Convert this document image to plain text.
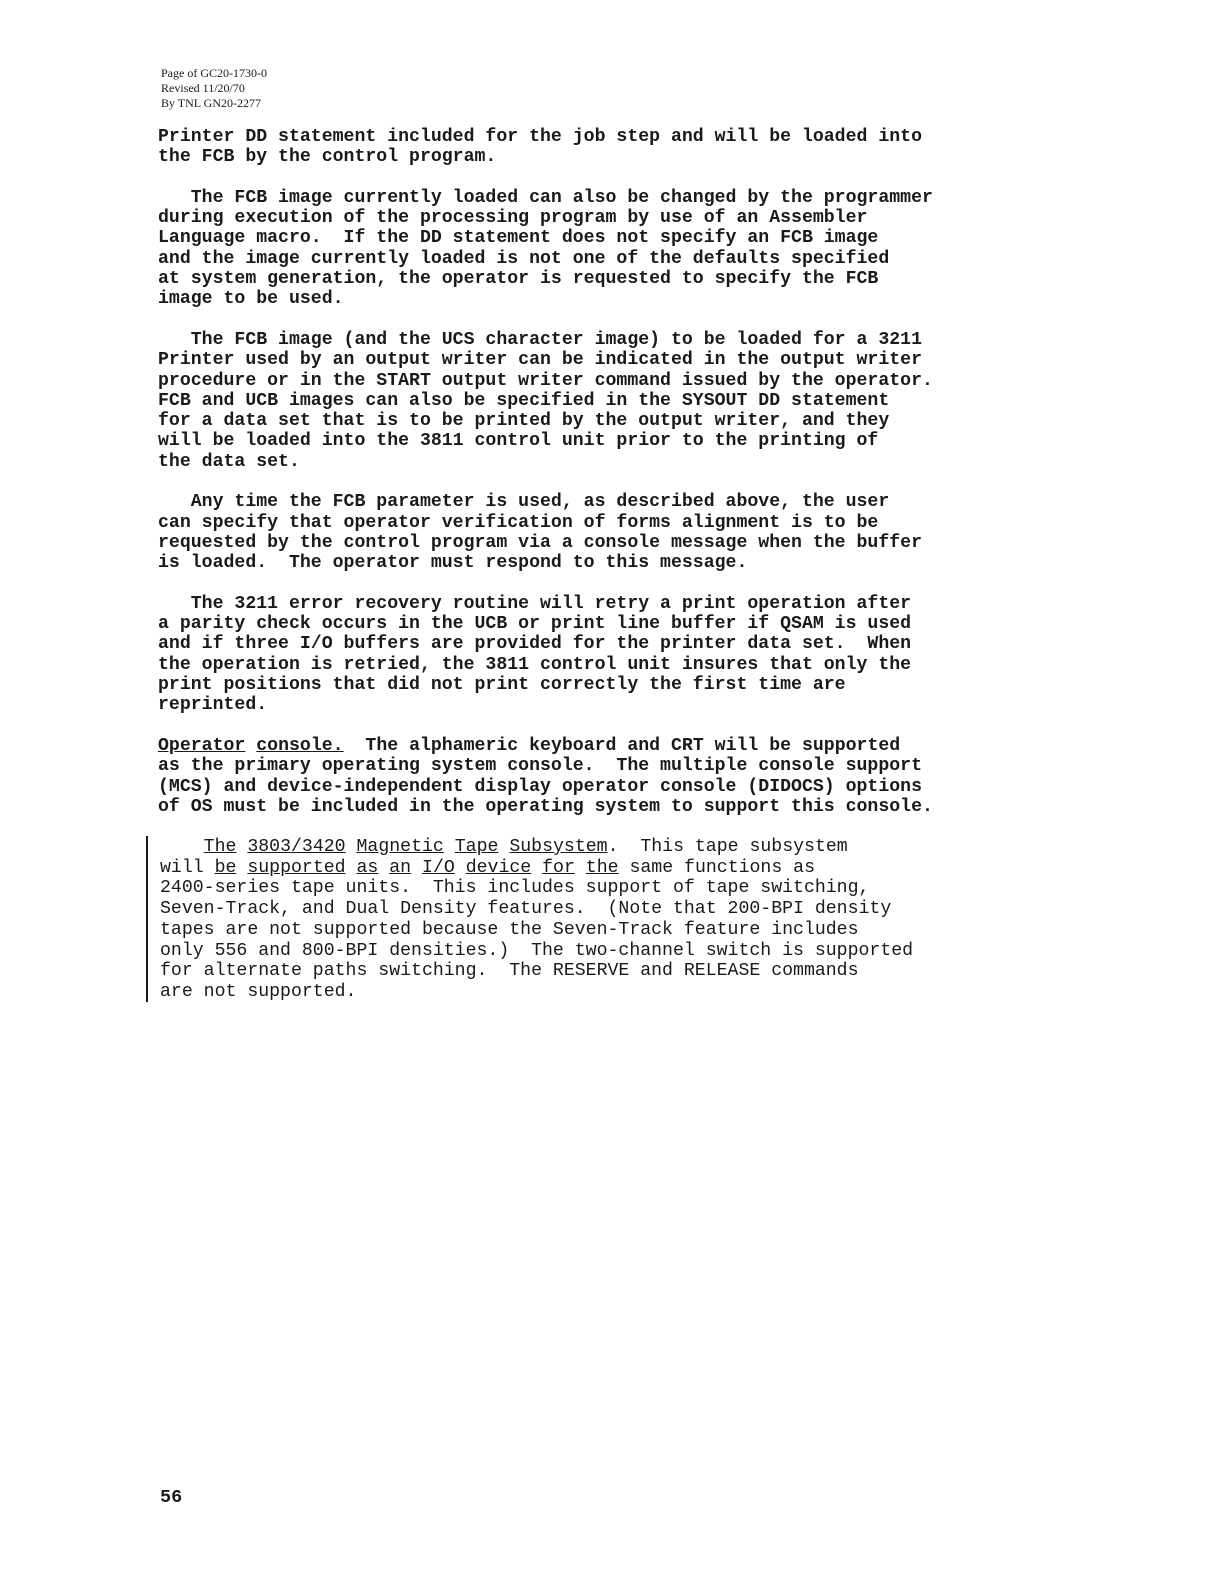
Page of GC20-1730-0
Revised 11/20/70
By TNL GN20-2277
Printer DD statement included for the job step and will be loaded into
the FCB by the control program.
The FCB image currently loaded can also be changed by the programmer
during execution of the processing program by use of an Assembler
Language macro.  If the DD statement does not specify an FCB image
and the image currently loaded is not one of the defaults specified
at system generation, the operator is requested to specify the FCB
image to be used.
The FCB image (and the UCS character image) to be loaded for a 3211
Printer used by an output writer can be indicated in the output writer
procedure or in the START output writer command issued by the operator.
FCB and UCB images can also be specified in the SYSOUT DD statement
for a data set that is to be printed by the output writer, and they
will be loaded into the 3811 control unit prior to the printing of
the data set.
Any time the FCB parameter is used, as described above, the user
can specify that operator verification of forms alignment is to be
requested by the control program via a console message when the buffer
is loaded.  The operator must respond to this message.
The 3211 error recovery routine will retry a print operation after
a parity check occurs in the UCB or print line buffer if QSAM is used
and if three I/O buffers are provided for the printer data set.  When
the operation is retried, the 3811 control unit insures that only the
print positions that did not print correctly the first time are
reprinted.
Operator console.  The alphameric keyboard and CRT will be supported
as the primary operating system console.  The multiple console support
(MCS) and device-independent display operator console (DIDOCS) options
of OS must be included in the operating system to support this console.
The 3803/3420 Magnetic Tape Subsystem.  This tape subsystem
will be supported as an I/O device for the same functions as
2400-series tape units.  This includes support of tape switching,
Seven-Track, and Dual Density features.  (Note that 200-BPI density
tapes are not supported because the Seven-Track feature includes
only 556 and 800-BPI densities.)  The two-channel switch is supported
for alternate paths switching.  The RESERVE and RELEASE commands
are not supported.
56
